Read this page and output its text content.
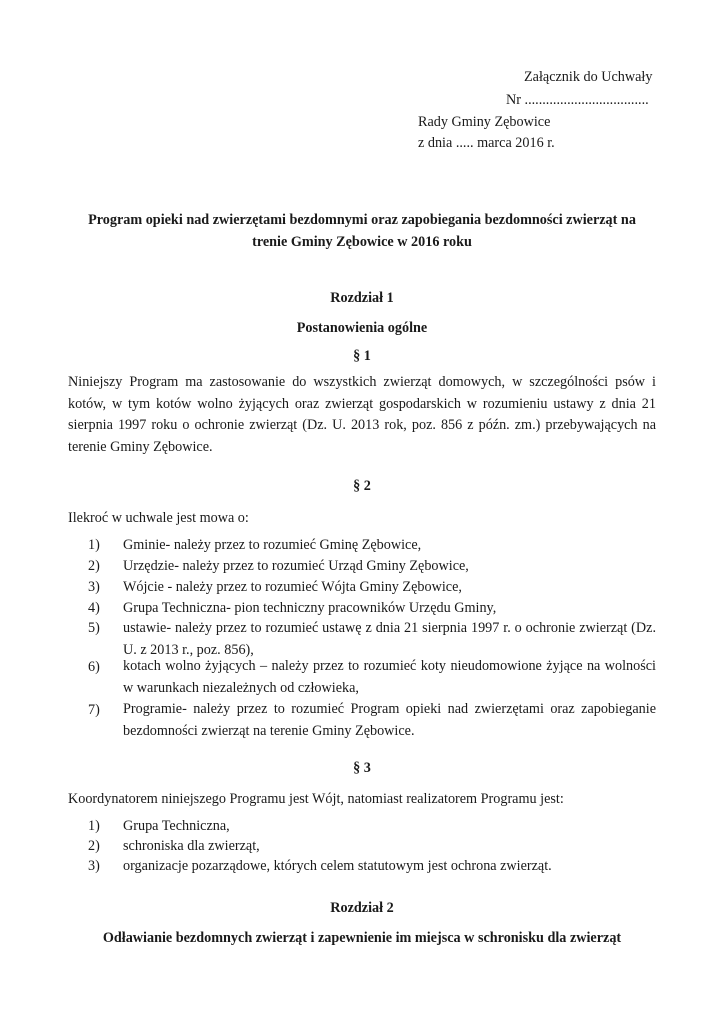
Załącznik do Uchwały
Nr ...................................
Rady Gminy Zębowice
z dnia ..... marca 2016 r.
Program opieki nad zwierzętami bezdomnymi oraz zapobiegania bezdomności zwierząt na
trenie Gminy Zębowice w 2016 roku
Rozdział 1
Postanowienia ogólne
§ 1
Niniejszy Program ma zastosowanie do wszystkich zwierząt domowych, w szczególności psów i kotów, w tym kotów wolno żyjących oraz zwierząt gospodarskich w rozumieniu ustawy z dnia 21 sierpnia 1997 roku o ochronie zwierząt (Dz. U. 2013 rok, poz. 856 z późn. zm.) przebywających na terenie Gminy Zębowice.
§ 2
Ilekroć w uchwale jest mowa o:
1) Gminie- należy przez to rozumieć Gminę Zębowice,
2) Urzędzie- należy przez to rozumieć Urząd Gminy Zębowice,
3) Wójcie - należy przez to rozumieć Wójta Gminy Zębowice,
4) Grupa Techniczna- pion techniczny pracowników Urzędu Gminy,
5) ustawie- należy przez to rozumieć ustawę z dnia 21 sierpnia 1997 r. o ochronie zwierząt (Dz. U. z 2013 r., poz. 856),
6) kotach wolno żyjących – należy przez to rozumieć koty nieudomowione żyjące na wolności w warunkach niezależnych od człowieka,
7) Programie- należy przez to rozumieć Program opieki nad zwierzętami oraz zapobieganie bezdomności zwierząt na terenie Gminy Zębowice.
§ 3
Koordynatorem niniejszego Programu jest Wójt, natomiast realizatorem Programu jest:
1) Grupa Techniczna,
2) schroniska dla zwierząt,
3) organizacje pozarządowe, których celem statutowym jest ochrona zwierząt.
Rozdział 2
Odławianie bezdomnych zwierząt i zapewnienie im miejsca w schronisku dla zwierząt
